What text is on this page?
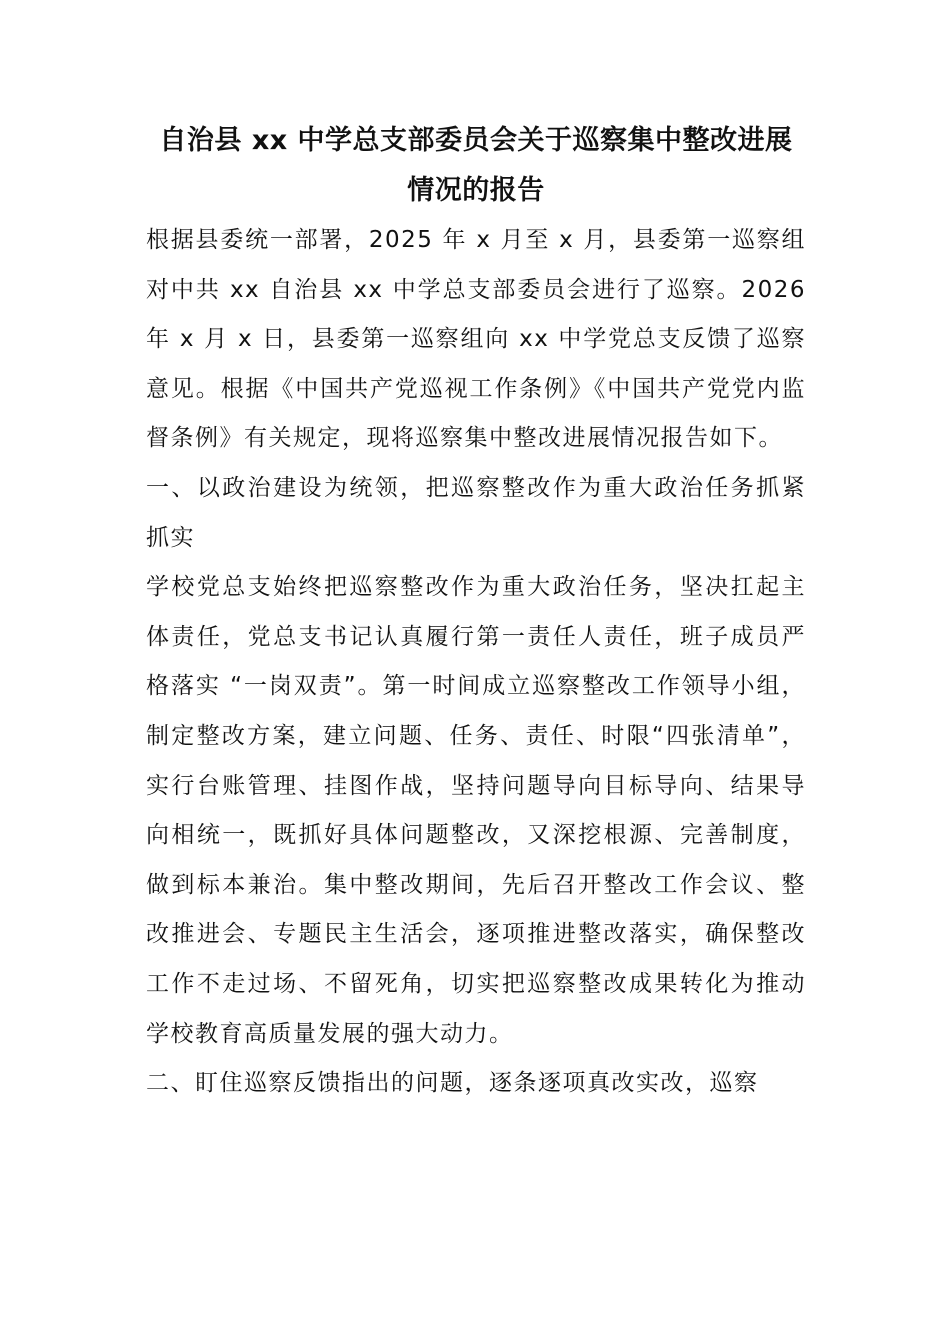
自治县 xx 中学总支部委员会关于巡察集中整改进展情况的报告

根据县委统一部署，2025 年 x 月至 x 月，县委第一巡察组对中共 xx 自治县 xx 中学总支部委员会进行了巡察。2026 年 x 月 x 日，县委第一巡察组向 xx 中学党总支反馈了巡察意见。根据《中国共产党巡视工作条例》《中国共产党党内监督条例》有关规定，现将巡察集中整改进展情况报告如下。

一、以政治建设为统领，把巡察整改作为重大政治任务抓紧抓实

学校党总支始终把巡察整改作为重大政治任务，坚决扛起主体责任，党总支书记认真履行第一责任人责任，班子成员严格落实 “一岗双责”。第一时间成立巡察整改工作领导小组，制定整改方案，建立问题、任务、责任、时限“四张清单”，实行台账管理、挂图作战，坚持问题导向目标导向、结果导向相统一，既抓好具体问题整改，又深挖根源、完善制度，做到标本兼治。集中整改期间，先后召开整改工作会议、整改推进会、专题民主生活会，逐项推进整改落实，确保整改工作不走过场、不留死角，切实把巡察整改成果转化为推动学校教育高质量发展的强大动力。

二、盯住巡察反馈指出的问题，逐条逐项真改实改，巡察
